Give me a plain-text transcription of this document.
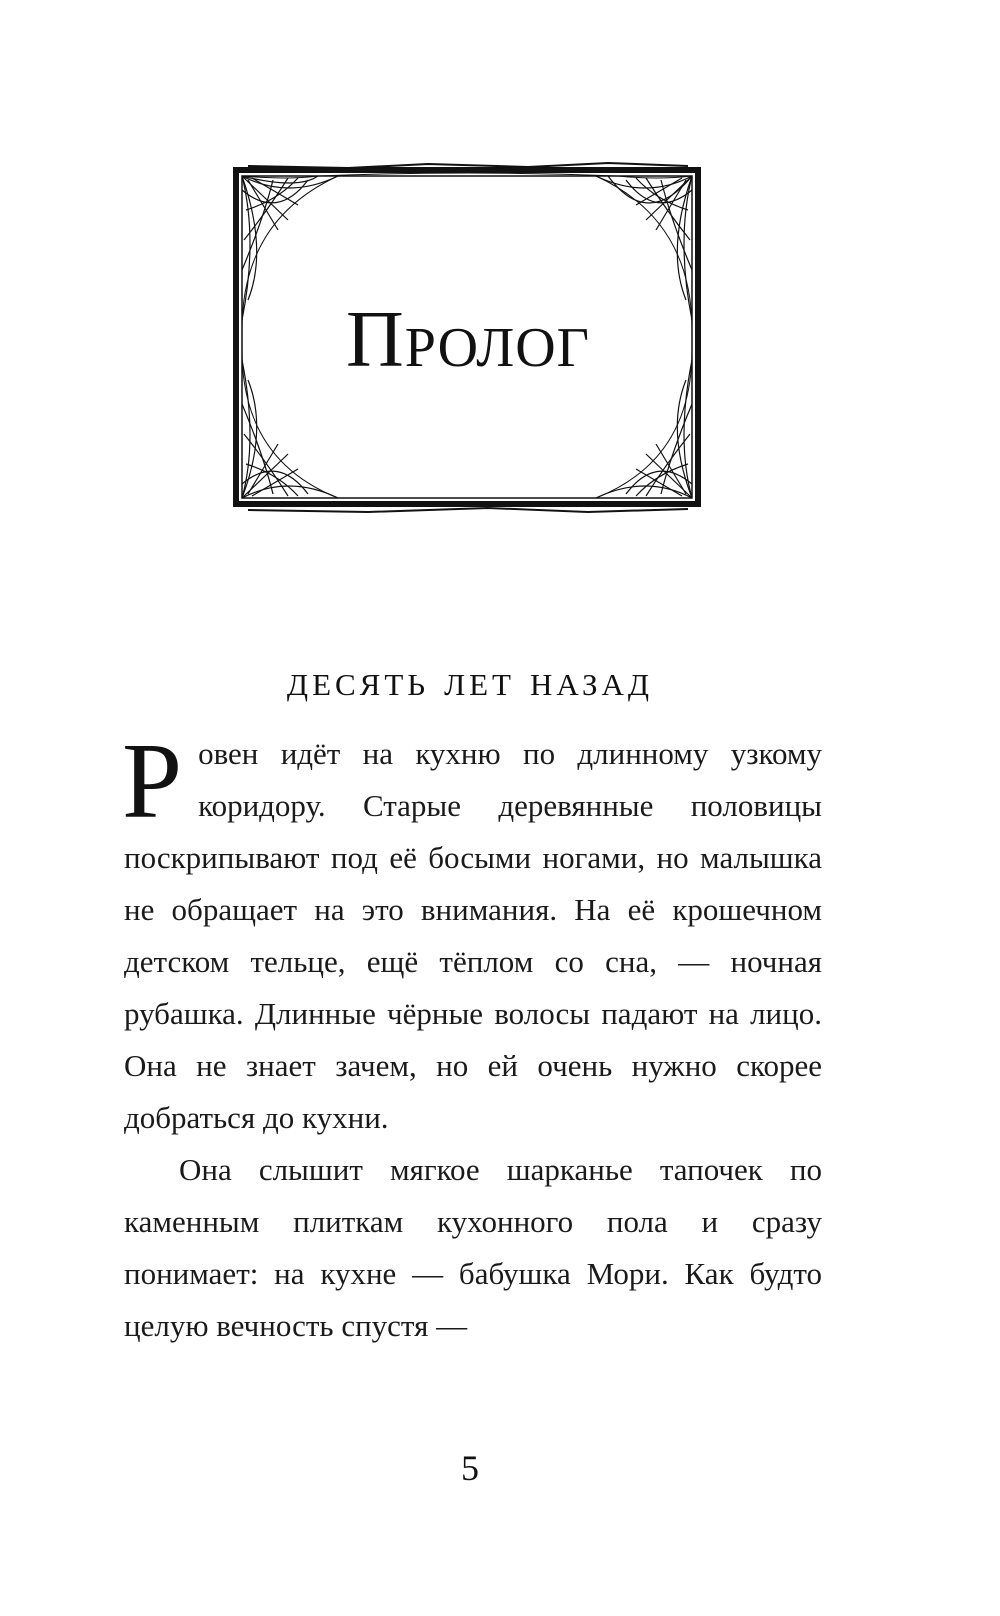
Пролог
десять лет назад

Ровен идёт на кухню по длинному узкому коридору. Старые деревянные половицы поскрипывают под её босыми ногами, но малышка не обращает на это внимания. На её крошечном детском тельце, ещё тёплом со сна, — ночная рубашка. Длинные чёрные волосы падают на лицо. Она не знает зачем, но ей очень нужно скорее добраться до кухни.

Она слышит мягкое шарканье тапочек по каменным плиткам кухонного пола и сразу понимает: на кухне — бабушка Мори. Как будто целую вечность спустя —

5
